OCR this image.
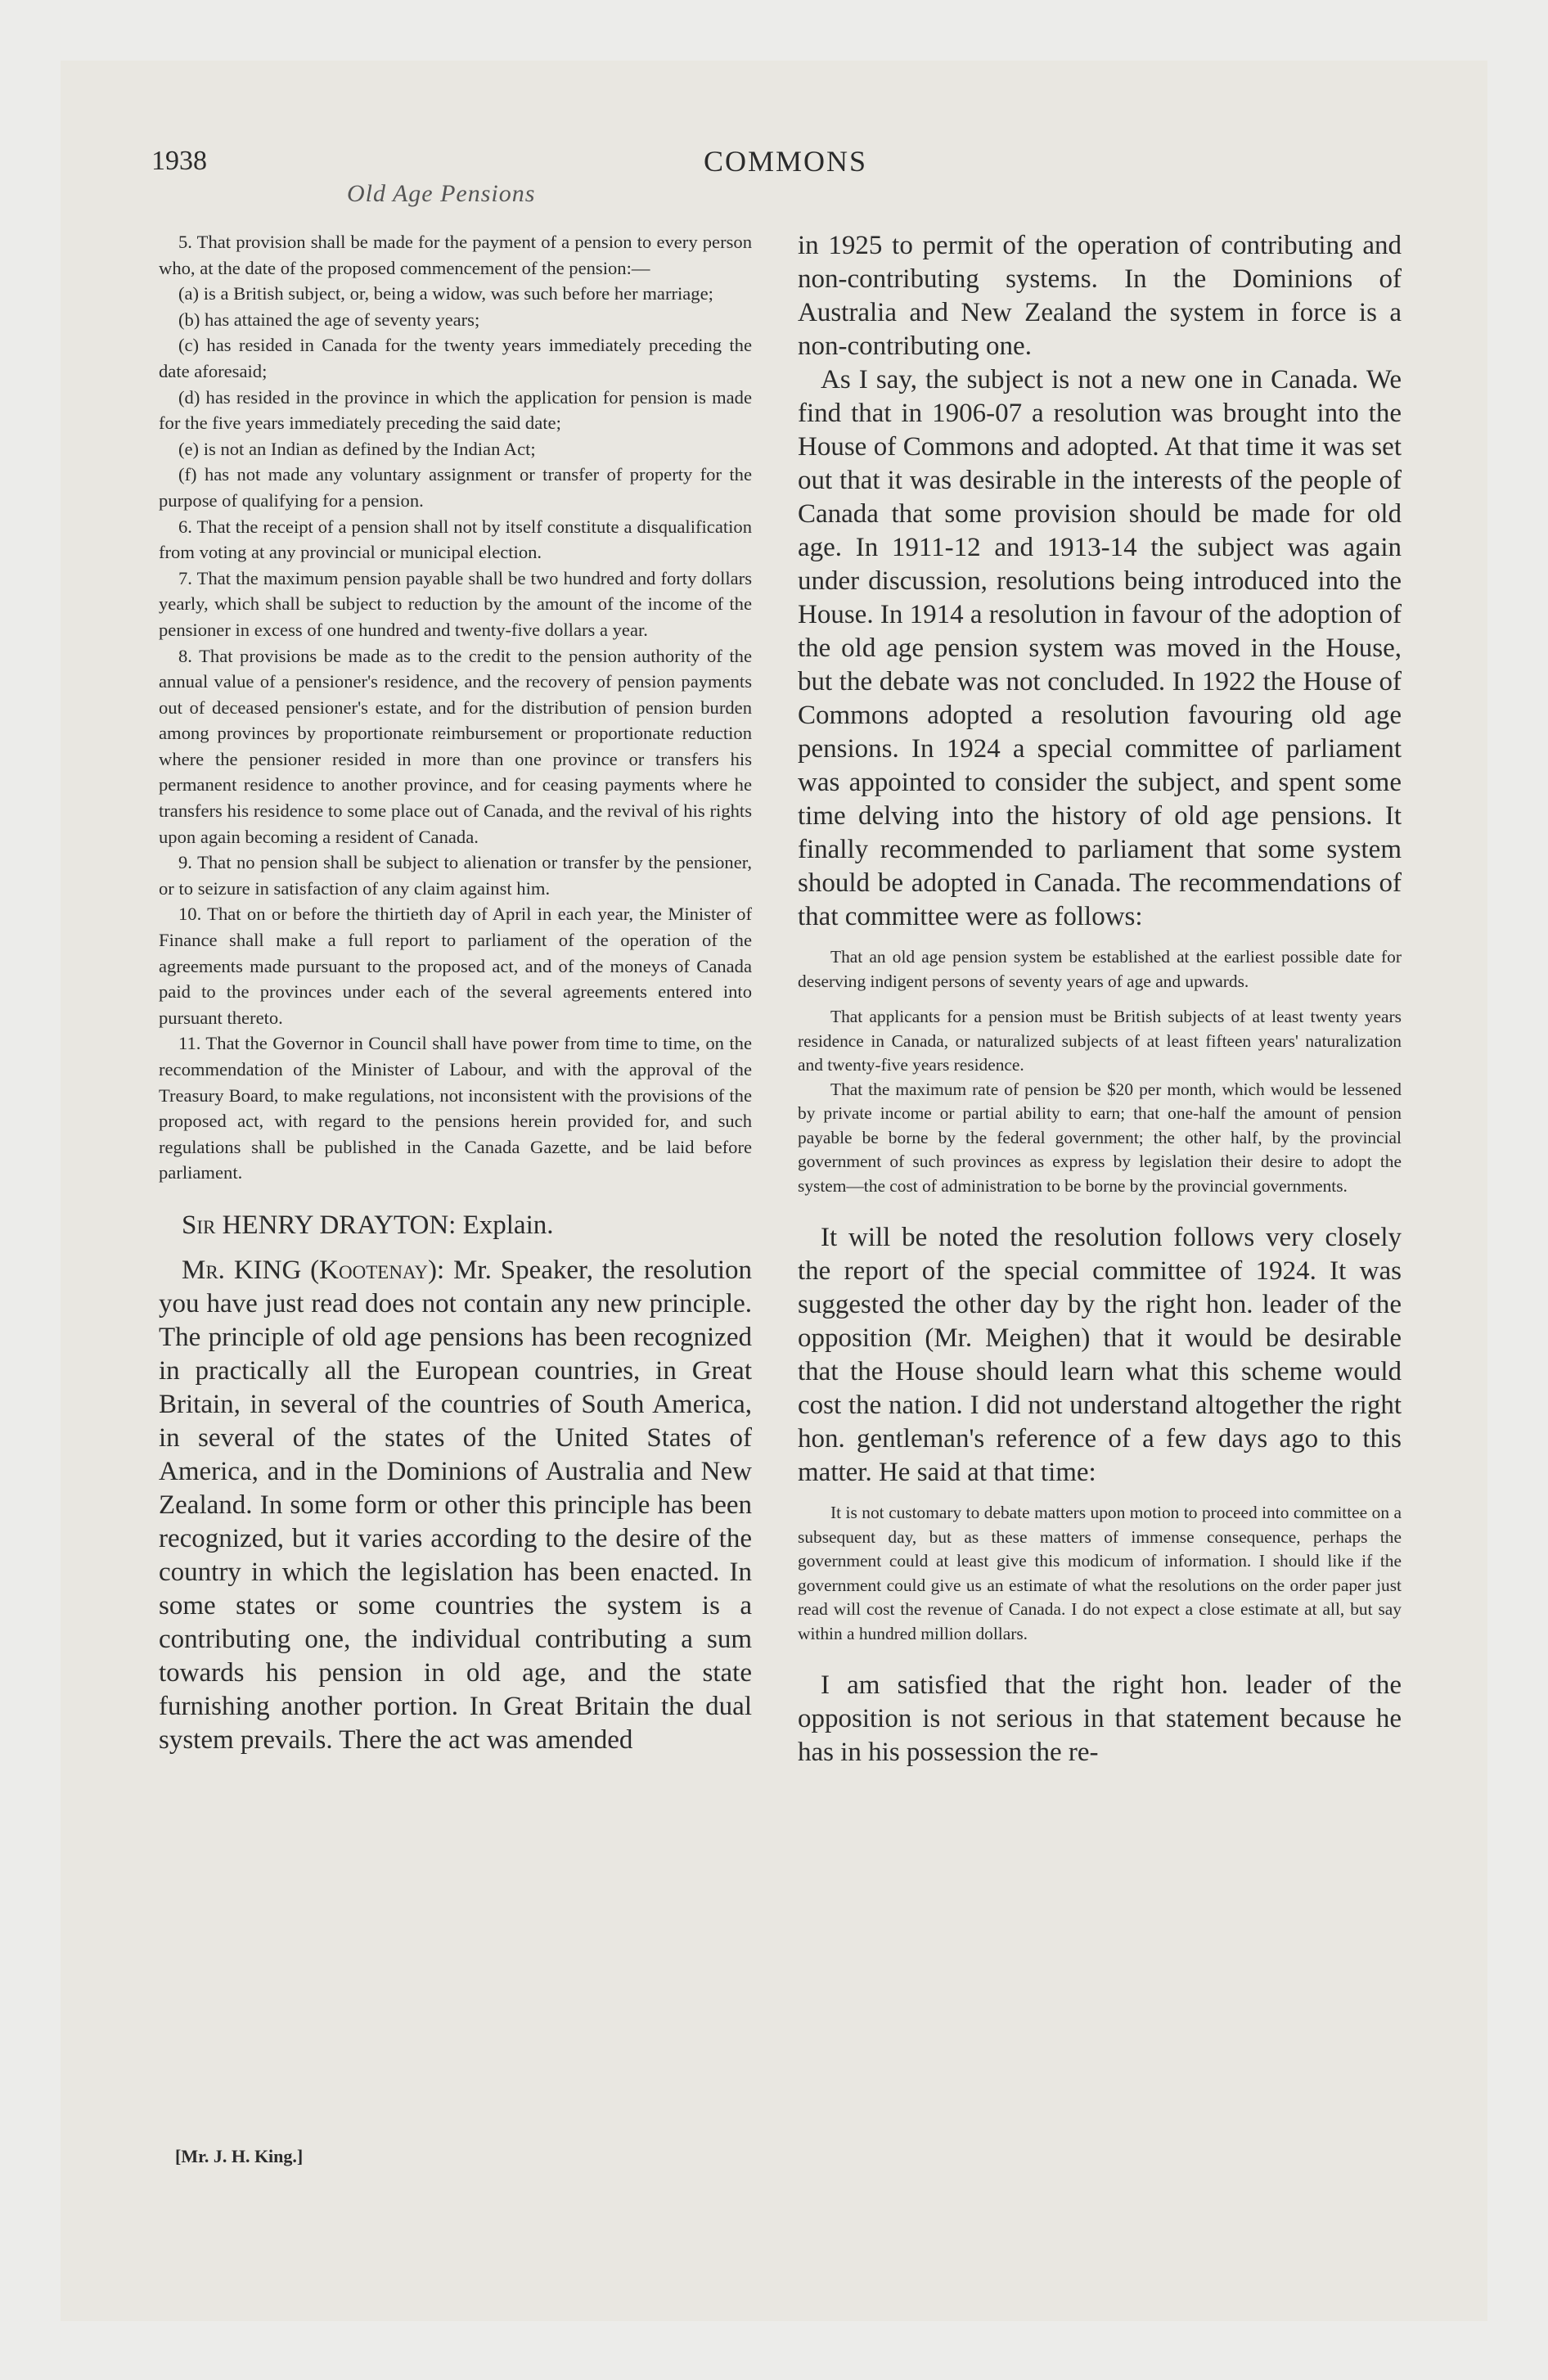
1938
Old Age Pensions
COMMONS

5. That provision shall be made for the payment of a pension to every person who, at the date of the proposed commencement of the pension:—

(a) is a British subject, or, being a widow, was such before her marriage;

(b) has attained the age of seventy years;

(c) has resided in Canada for the twenty years immediately preceding the date aforesaid;

(d) has resided in the province in which the application for pension is made for the five years immediately preceding the said date;

(e) is not an Indian as defined by the Indian Act;

(f) has not made any voluntary assignment or transfer of property for the purpose of qualifying for a pension.

6. That the receipt of a pension shall not by itself constitute a disqualification from voting at any provincial or municipal election.

7. That the maximum pension payable shall be two hundred and forty dollars yearly, which shall be subject to reduction by the amount of the income of the pensioner in excess of one hundred and twenty-five dollars a year.

8. That provisions be made as to the credit to the pension authority of the annual value of a pensioner's residence, and the recovery of pension payments out of deceased pensioner's estate, and for the distribution of pension burden among provinces by proportionate reimbursement or proportionate reduction where the pensioner resided in more than one province or transfers his permanent residence to another province, and for ceasing payments where he transfers his residence to some place out of Canada, and the revival of his rights upon again becoming a resident of Canada.

9. That no pension shall be subject to alienation or transfer by the pensioner, or to seizure in satisfaction of any claim against him.

10. That on or before the thirtieth day of April in each year, the Minister of Finance shall make a full report to parliament of the operation of the agreements made pursuant to the proposed act, and of the moneys of Canada paid to the provinces under each of the several agreements entered into pursuant thereto.

11. That the Governor in Council shall have power from time to time, on the recommendation of the Minister of Labour, and with the approval of the Treasury Board, to make regulations, not inconsistent with the provisions of the proposed act, with regard to the pensions herein provided for, and such regulations shall be published in the Canada Gazette, and be laid before parliament.

Sir HENRY DRAYTON: Explain.

Mr. KING (Kootenay): Mr. Speaker, the resolution you have just read does not contain any new principle. The principle of old age pensions has been recognized in practically all the European countries, in Great Britain, in several of the countries of South America, in several of the states of the United States of America, and in the Dominions of Australia and New Zealand. In some form or other this principle has been recognized, but it varies according to the desire of the country in which the legislation has been enacted. In some states or some countries the system is a contributing one, the individual contributing a sum towards his pension in old age, and the state furnishing another portion. In Great Britain the dual system prevails. There the act was amended

in 1925 to permit of the operation of contributing and non-contributing systems. In the Dominions of Australia and New Zealand the system in force is a non-contributing one.

As I say, the subject is not a new one in Canada. We find that in 1906-07 a resolution was brought into the House of Commons and adopted. At that time it was set out that it was desirable in the interests of the people of Canada that some provision should be made for old age. In 1911-12 and 1913-14 the subject was again under discussion, resolutions being introduced into the House. In 1914 a resolution in favour of the adoption of the old age pension system was moved in the House, but the debate was not concluded. In 1922 the House of Commons adopted a resolution favouring old age pensions. In 1924 a special committee of parliament was appointed to consider the subject, and spent some time delving into the history of old age pensions. It finally recommended to parliament that some system should be adopted in Canada. The recommendations of that committee were as follows:

That an old age pension system be established at the earliest possible date for deserving indigent persons of seventy years of age and upwards.

That applicants for a pension must be British subjects of at least twenty years residence in Canada, or naturalized subjects of at least fifteen years' naturalization and twenty-five years residence.

That the maximum rate of pension be $20 per month, which would be lessened by private income or partial ability to earn; that one-half the amount of pension payable be borne by the federal government; the other half, by the provincial government of such provinces as express by legislation their desire to adopt the system—the cost of administration to be borne by the provincial governments.

It will be noted the resolution follows very closely the report of the special committee of 1924. It was suggested the other day by the right hon. leader of the opposition (Mr. Meighen) that it would be desirable that the House should learn what this scheme would cost the nation. I did not understand altogether the right hon. gentleman's reference of a few days ago to this matter. He said at that time:

It is not customary to debate matters upon motion to proceed into committee on a subsequent day, but as these matters of immense consequence, perhaps the government could at least give this modicum of information. I should like if the government could give us an estimate of what the resolutions on the order paper just read will cost the revenue of Canada. I do not expect a close estimate at all, but say within a hundred million dollars.

I am satisfied that the right hon. leader of the opposition is not serious in that statement because he has in his possession the re-

[Mr. J. H. King.]
